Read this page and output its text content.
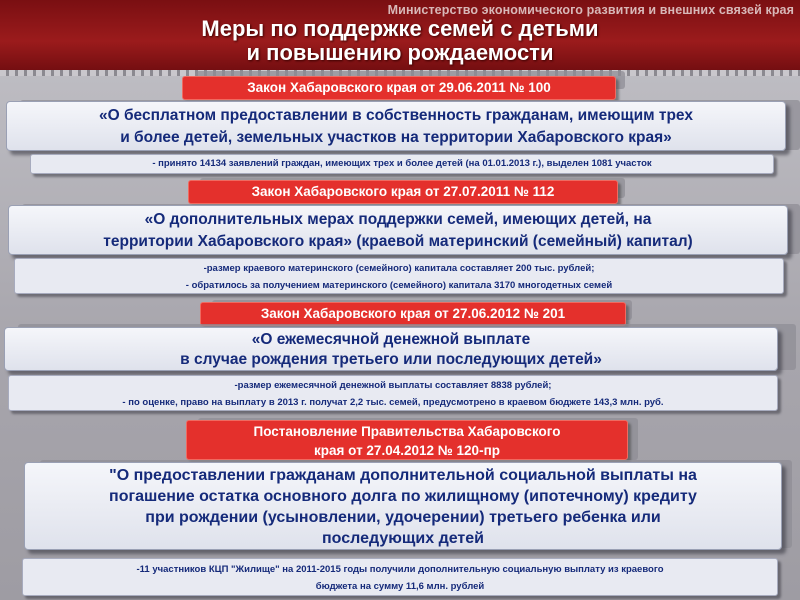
Министерство экономического развития и внешних связей края
Меры по поддержке семей с детьми
и повышению рождаемости
Закон Хабаровского края от 29.06.2011 № 100
«О бесплатном предоставлении в собственность гражданам, имеющим трех
и более детей, земельных участков на территории Хабаровского края»
- принято 14134 заявлений граждан, имеющих трех и более детей (на 01.01.2013 г.), выделен 1081 участок
Закон Хабаровского края от 27.07.2011 № 112
«О дополнительных мерах поддержки семей, имеющих детей, на
территории Хабаровского края» (краевой материнский (семейный) капитал)
-размер краевого материнского (семейного) капитала составляет 200 тыс. рублей;
- обратилось за получением материнского (семейного) капитала 3170 многодетных семей
Закон Хабаровского края от 27.06.2012 № 201
«О ежемесячной денежной выплате
в случае рождения третьего или последующих детей»
-размер ежемесячной денежной выплаты составляет 8838 рублей;
- по оценке, право на выплату в 2013 г. получат 2,2 тыс. семей, предусмотрено в краевом бюджете 143,3 млн. руб.
Постановление Правительства Хабаровского
края от 27.04.2012 № 120-пр
"О предоставлении гражданам дополнительной социальной выплаты на
погашение остатка основного долга по жилищному (ипотечному) кредиту
при рождении (усыновлении, удочерении) третьего ребенка или
последующих детей
-11 участников КЦП "Жилище" на 2011-2015 годы получили дополнительную социальную выплату из краевого
бюджета на сумму 11,6 млн. рублей
